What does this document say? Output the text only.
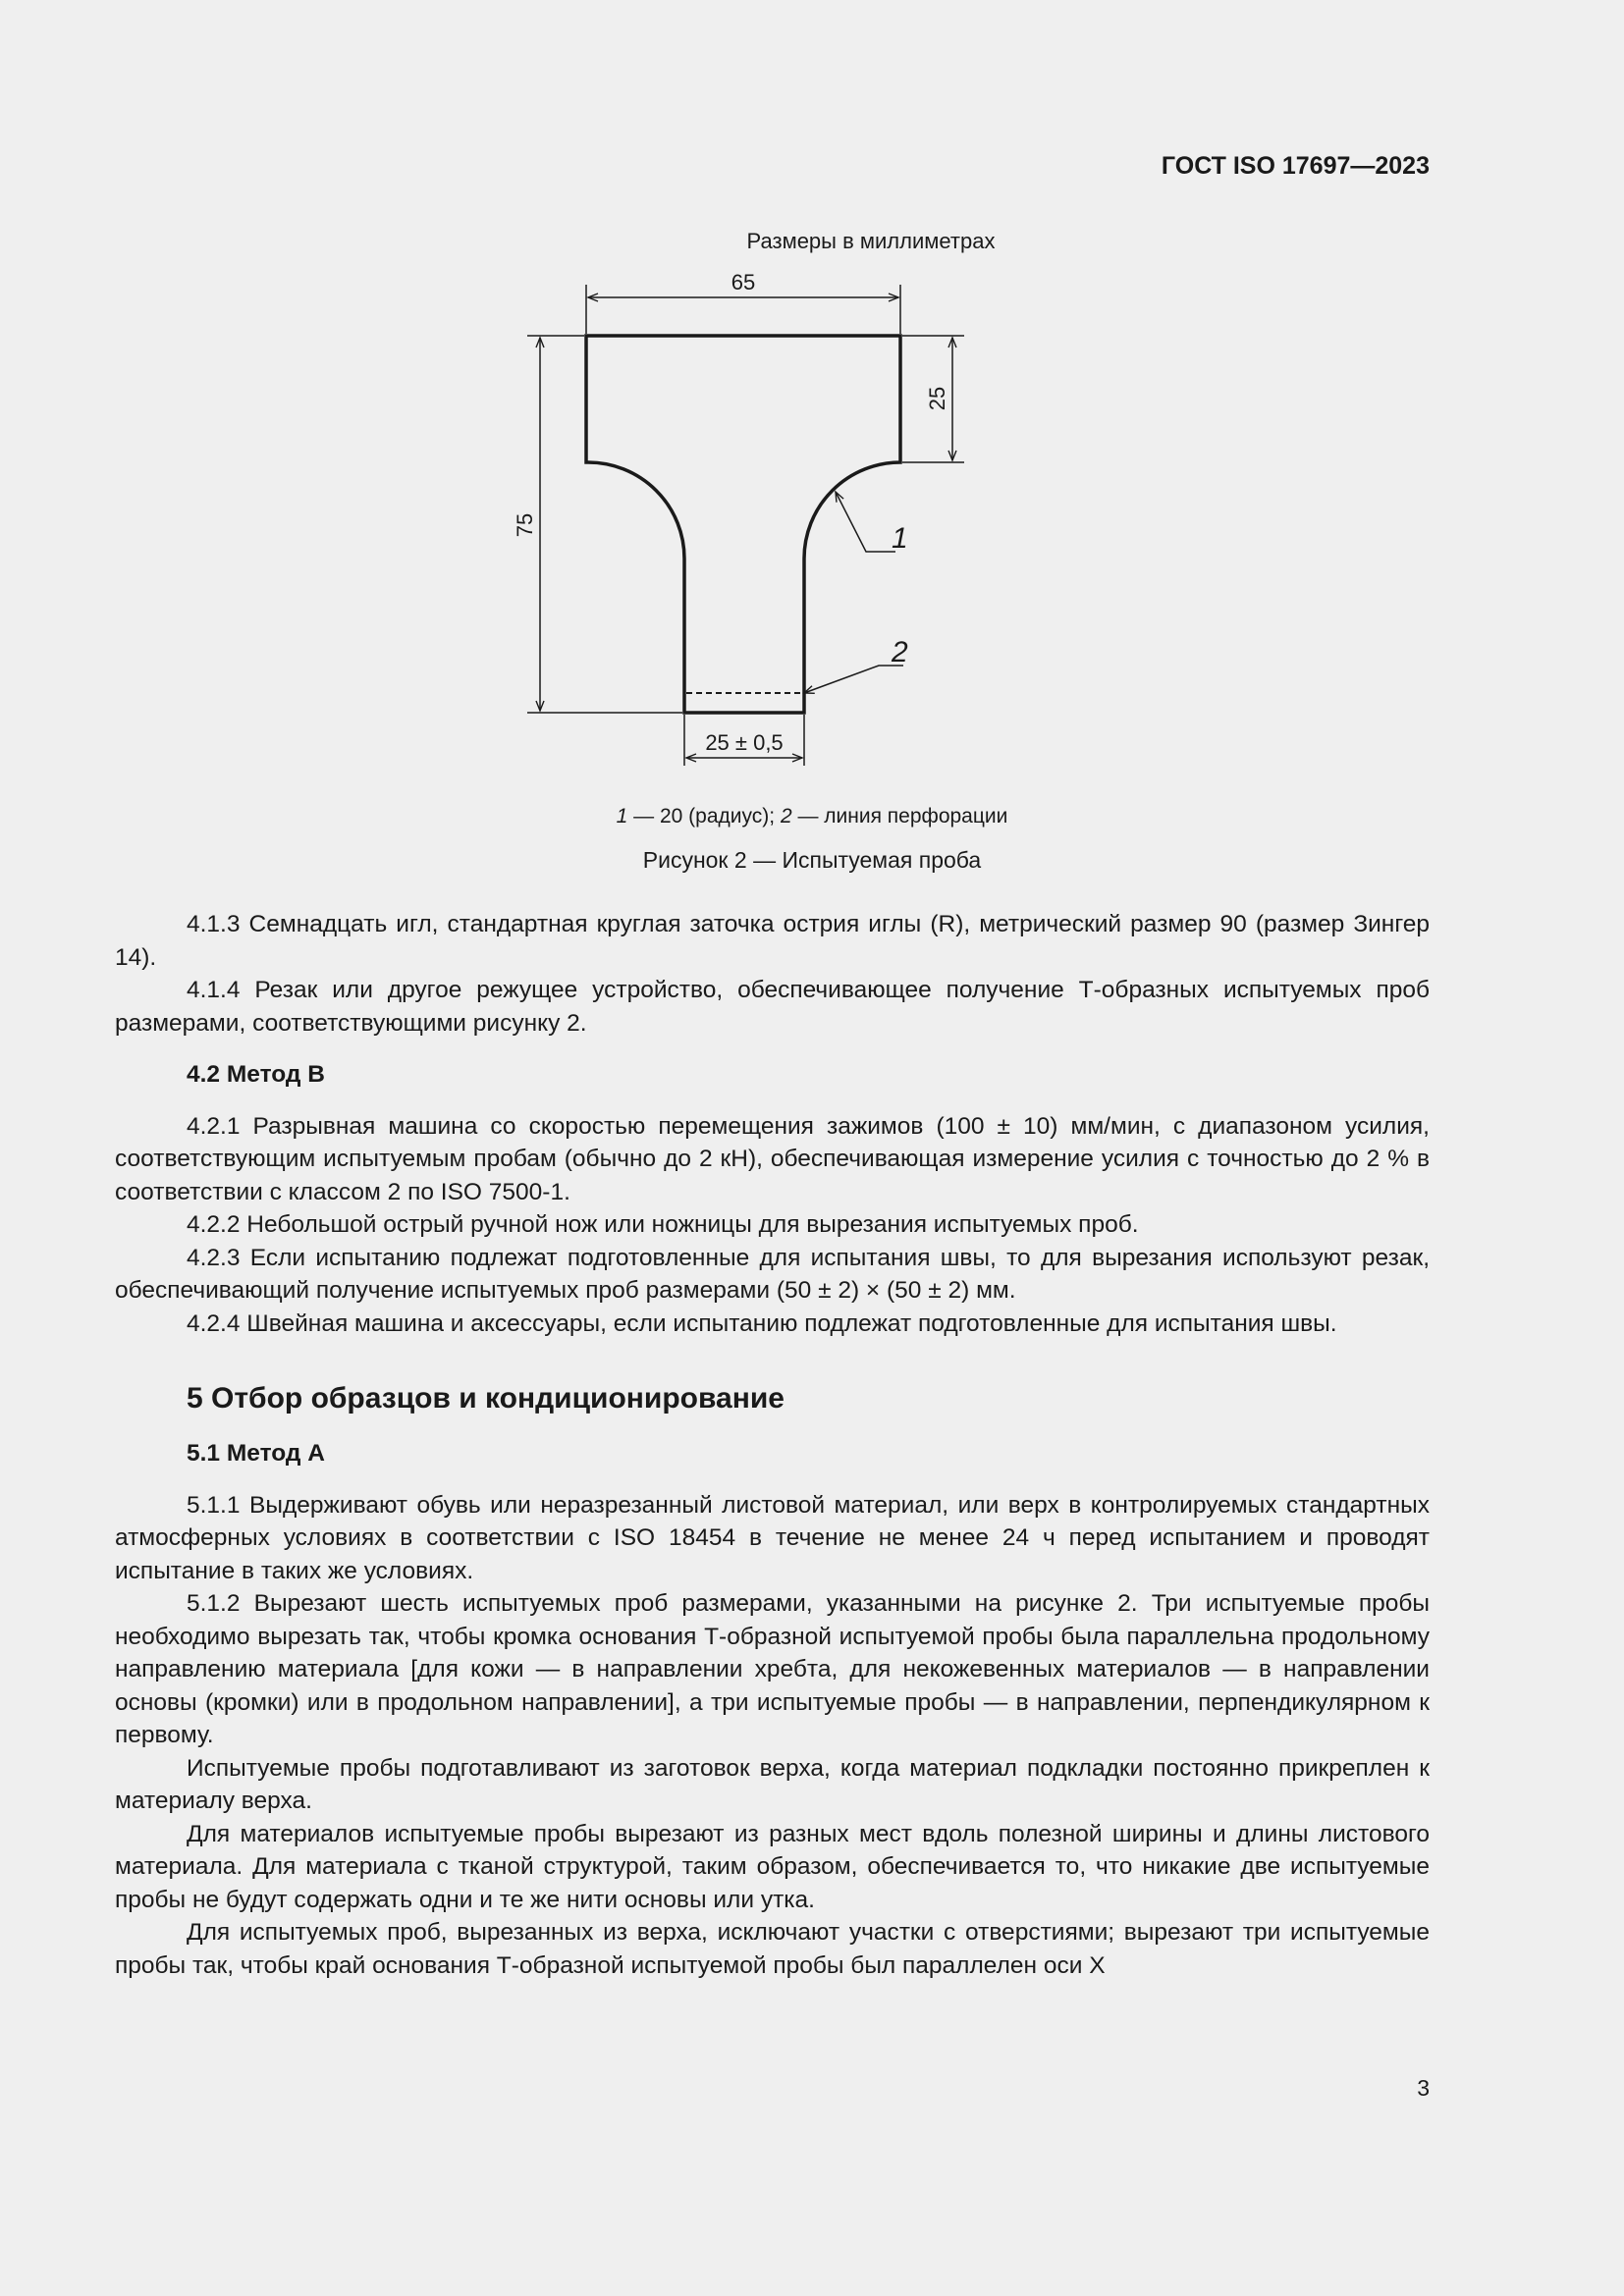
ГОСТ ISO 17697—2023
Размеры в миллиметрах
65
75
25
25 ± 0,5
1
2
1 — 20 (радиус); 2 — линия перфорации
Рисунок 2 — Испытуемая проба

4.1.3 Семнадцать игл, стандартная круглая заточка острия иглы (R), метрический размер 90 (размер Зингер 14).

4.1.4 Резак или другое режущее устройство, обеспечивающее получение Т-образных испытуемых проб размерами, соответствующими рисунку 2.

4.2 Метод В

4.2.1 Разрывная машина со скоростью перемещения зажимов (100 ± 10) мм/мин, с диапазоном усилия, соответствующим испытуемым пробам (обычно до 2 кН), обеспечивающая измерение усилия с точностью до 2 % в соответствии с классом 2 по ISO 7500-1.

4.2.2 Небольшой острый ручной нож или ножницы для вырезания испытуемых проб.

4.2.3 Если испытанию подлежат подготовленные для испытания швы, то для вырезания используют резак, обеспечивающий получение испытуемых проб размерами (50 ± 2) × (50 ± 2) мм.

4.2.4 Швейная машина и аксессуары, если испытанию подлежат подготовленные для испытания швы.

5 Отбор образцов и кондиционирование
5.1 Метод А

5.1.1 Выдерживают обувь или неразрезанный листовой материал, или верх в контролируемых стандартных атмосферных условиях в соответствии с ISO 18454 в течение не менее 24 ч перед испытанием и проводят испытание в таких же условиях.

5.1.2 Вырезают шесть испытуемых проб размерами, указанными на рисунке 2. Три испытуемые пробы необходимо вырезать так, чтобы кромка основания Т-образной испытуемой пробы была параллельна продольному направлению материала [для кожи — в направлении хребта, для некожевенных материалов — в направлении основы (кромки) или в продольном направлении], а три испытуемые пробы — в направлении, перпендикулярном к первому.

Испытуемые пробы подготавливают из заготовок верха, когда материал подкладки постоянно прикреплен к материалу верха.

Для материалов испытуемые пробы вырезают из разных мест вдоль полезной ширины и длины листового материала. Для материала с тканой структурой, таким образом, обеспечивается то, что никакие две испытуемые пробы не будут содержать одни и те же нити основы или утка.

Для испытуемых проб, вырезанных из верха, исключают участки с отверстиями; вырезают три испытуемые пробы так, чтобы край основания Т-образной испытуемой пробы был параллелен оси X

3
